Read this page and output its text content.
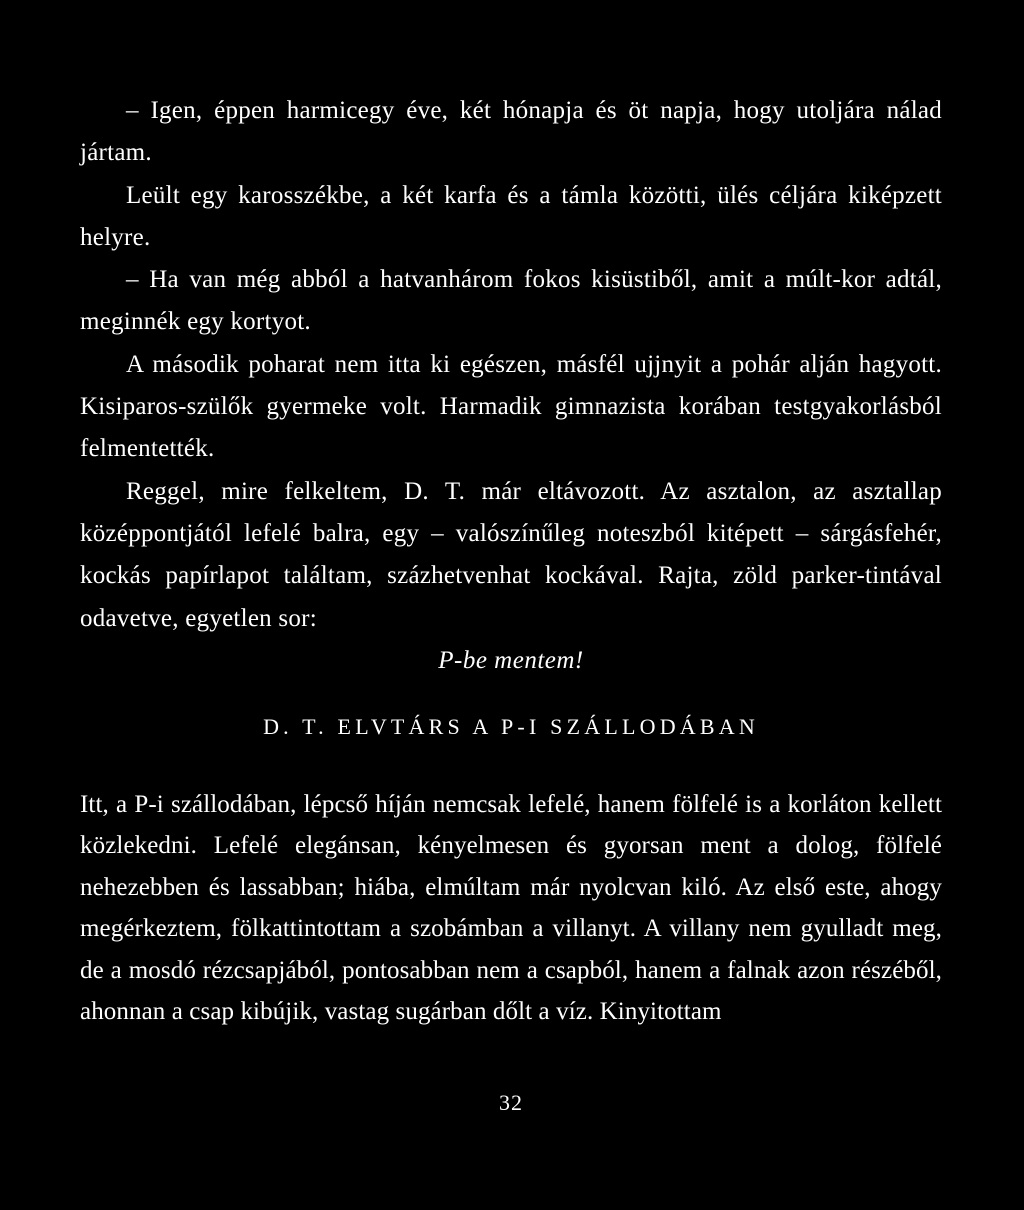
– Igen, éppen harmicegy éve, két hónapja és öt napja, hogy utoljára nálad jártam.

Leült egy karosszékbe, a két karfa és a támla közötti, ülés céljára kiképzett helyre.

– Ha van még abból a hatvanhárom fokos kisüstiből, amit a múlt-kor adtál, meginnék egy kortyot.

A második poharat nem itta ki egészen, másfél ujjnyit a pohár alján hagyott. Kisiparos-szülők gyermeke volt. Harmadik gimnazista korában testgyakorlásból felmentették.

Reggel, mire felkeltem, D. T. már eltávozott. Az asztalon, az asztallap középpontjától lefelé balra, egy – valószínűleg noteszból kitépett – sárgásfehér, kockás papírlapot találtam, százhetvenhat kockával. Rajta, zöld parker-tintával odavetve, egyetlen sor:

P-be mentem!

D. T. ELVTÁRS A P-I SZÁLLODÁBAN

Itt, a P-i szállodában, lépcső híján nemcsak lefelé, hanem fölfelé is a korláton kellett közlekedni. Lefelé elegánsan, kényelmesen és gyorsan ment a dolog, fölfelé nehezebben és lassabban; hiába, elmúltam már nyolcvan kiló. Az első este, ahogy megérkeztem, fölkattintottam a szobámban a villanyt. A villany nem gyulladt meg, de a mosdó rézcsapjából, pontosabban nem a csapból, hanem a falnak azon részéből, ahonnan a csap kibújik, vastag sugárban dőlt a víz. Kinyitottam

32
